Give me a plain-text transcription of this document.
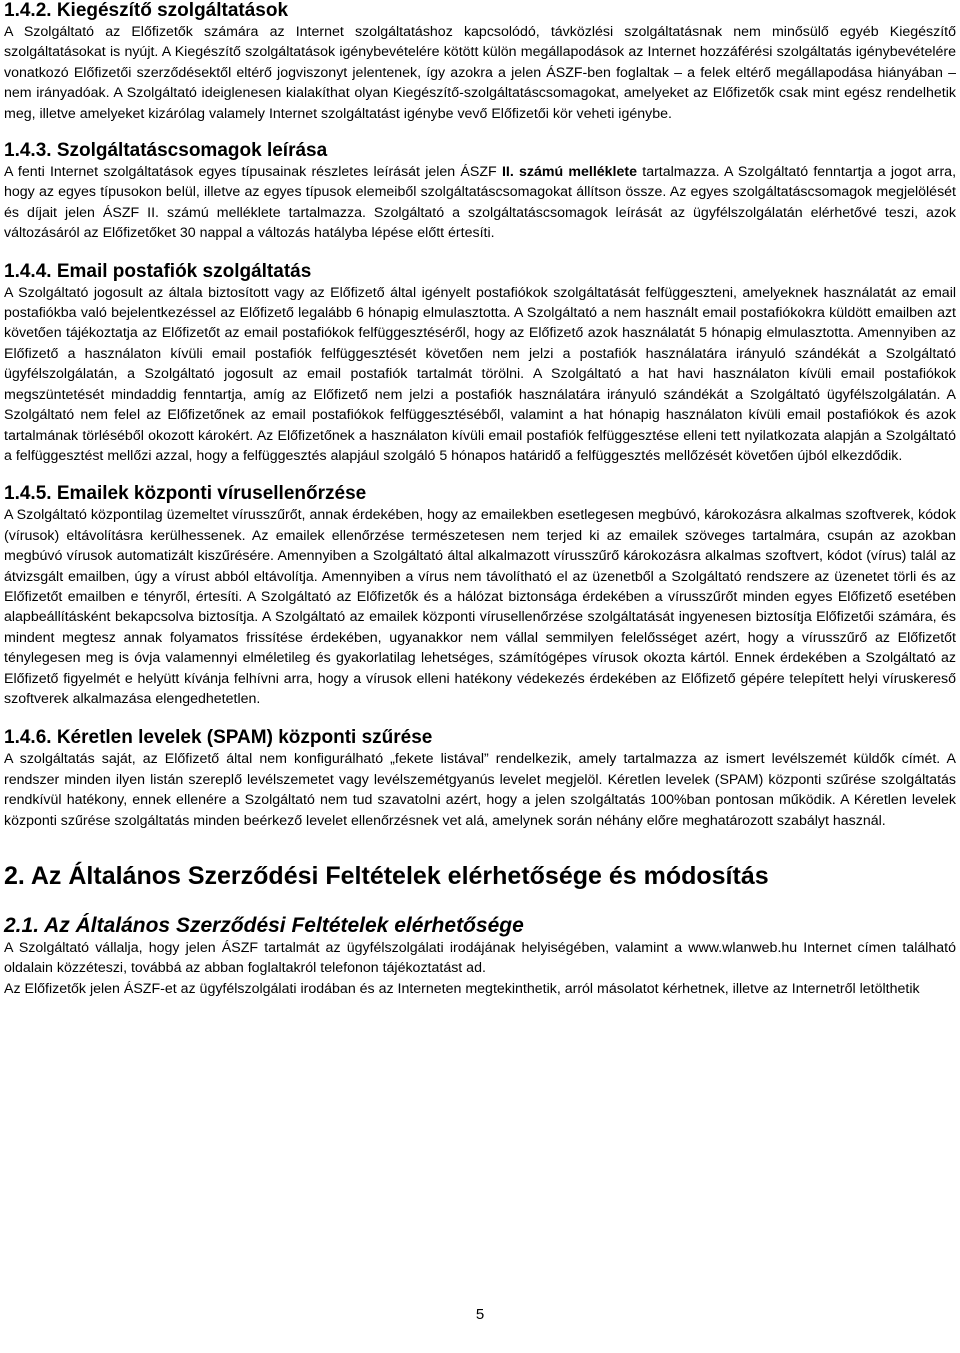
1.4.2. Kiegészítő szolgáltatások

A Szolgáltató az Előfizetők számára az Internet szolgáltatáshoz kapcsolódó, távközlési szolgáltatásnak nem minősülő egyéb Kiegészítő szolgáltatásokat is nyújt. A Kiegészítő szolgáltatások igénybevételére kötött külön megállapodások az Internet hozzáférési szolgáltatás igénybevételére vonatkozó Előfizetői szerződésektől eltérő jogviszonyt jelentenek, így azokra a jelen ÁSZF-ben foglaltak – a felek eltérő megállapodása hiányában – nem irányadóak. A Szolgáltató ideiglenesen kialakíthat olyan Kiegészítő-szolgáltatáscsomagokat, amelyeket az Előfizetők csak mint egész rendelhetik meg, illetve amelyeket kizárólag valamely Internet szolgáltatást igénybe vevő Előfizetői kör veheti igénybe.

1.4.3. Szolgáltatáscsomagok leírása

A fenti Internet szolgáltatások egyes típusainak részletes leírását jelen ÁSZF II. számú melléklete tartalmazza. A Szolgáltató fenntartja a jogot arra, hogy az egyes típusokon belül, illetve az egyes típusok elemeiből szolgáltatáscsomagokat állítson össze. Az egyes szolgáltatáscsomagok megjelölését és díjait jelen ÁSZF II. számú melléklete tartalmazza. Szolgáltató a szolgáltatáscsomagok leírását az ügyfélszolgálatán elérhetővé teszi, azok változásáról az Előfizetőket 30 nappal a változás hatályba lépése előtt értesíti.

1.4.4. Email postafiók szolgáltatás

A Szolgáltató jogosult az általa biztosított vagy az Előfizető által igényelt postafiókok szolgáltatását felfüggeszteni, amelyeknek használatát az email postafiókba való bejelentkezéssel az Előfizető legalább 6 hónapig elmulasztotta. A Szolgáltató a nem használt email postafiókokra küldött emailben azt követően tájékoztatja az Előfizetőt az email postafiókok felfüggesztéséről, hogy az Előfizető azok használatát 5 hónapig elmulasztotta. Amennyiben az Előfizető a használaton kívüli email postafiók felfüggesztését követően nem jelzi a postafiók használatára irányuló szándékát a Szolgáltató ügyfélszolgálatán, a Szolgáltató jogosult az email postafiók tartalmát törölni. A Szolgáltató a hat havi használaton kívüli email postafiókok megszüntetését mindaddig fenntartja, amíg az Előfizető nem jelzi a postafiók használatára irányuló szándékát a Szolgáltató ügyfélszolgálatán. A Szolgáltató nem felel az Előfizetőnek az email postafiókok felfüggesztéséből, valamint a hat hónapig használaton kívüli email postafiókok és azok tartalmának törléséből okozott károkért. Az Előfizetőnek a használaton kívüli email postafiók felfüggesztése elleni tett nyilatkozata alapján a Szolgáltató a felfüggesztést mellőzi azzal, hogy a felfüggesztés alapjául szolgáló 5 hónapos határidő a felfüggesztés mellőzését követően újból elkezdődik.

1.4.5. Emailek központi vírusellenőrzése

A Szolgáltató központilag üzemeltet vírusszűrőt, annak érdekében, hogy az emailekben esetlegesen megbúvó, károkozásra alkalmas szoftverek, kódok (vírusok) eltávolításra kerülhessenek. Az emailek ellenőrzése természetesen nem terjed ki az emailek szöveges tartalmára, csupán az azokban megbúvó vírusok automatizált kiszűrésére. Amennyiben a Szolgáltató által alkalmazott vírusszűrő károkozásra alkalmas szoftvert, kódot (vírus) talál az átvizsgált emailben, úgy a vírust abból eltávolítja. Amennyiben a vírus nem távolítható el az üzenetből a Szolgáltató rendszere az üzenetet törli és az Előfizetőt emailben e tényről, értesíti. A Szolgáltató az Előfizetők és a hálózat biztonsága érdekében a vírusszűrőt minden egyes Előfizető esetében alapbeállításként bekapcsolva biztosítja. A Szolgáltató az emailek központi vírusellenőrzése szolgáltatását ingyenesen biztosítja Előfizetői számára, és mindent megtesz annak folyamatos frissítése érdekében, ugyanakkor nem vállal semmilyen felelősséget azért, hogy a vírusszűrő az Előfizetőt ténylegesen meg is óvja valamennyi elméletileg és gyakorlatilag lehetséges, számítógépes vírusok okozta kártól. Ennek érdekében a Szolgáltató az Előfizető figyelmét e helyütt kívánja felhívni arra, hogy a vírusok elleni hatékony védekezés érdekében az Előfizető gépére telepített helyi víruskereső szoftverek alkalmazása elengedhetetlen.

1.4.6. Kéretlen levelek (SPAM) központi szűrése

A szolgáltatás saját, az Előfizető által nem konfigurálható „fekete listával” rendelkezik, amely tartalmazza az ismert levélszemét küldők címét. A rendszer minden ilyen listán szereplő levélszemetet vagy levélszemétgyanús levelet megjelöl. Kéretlen levelek (SPAM) központi szűrése szolgáltatás rendkívül hatékony, ennek ellenére a Szolgáltató nem tud szavatolni azért, hogy a jelen szolgáltatás 100%ban pontosan működik. A Kéretlen levelek központi szűrése szolgáltatás minden beérkező levelet ellenőrzésnek vet alá, amelynek során néhány előre meghatározott szabályt használ.

2. Az Általános Szerződési Feltételek elérhetősége és módosítás
2.1. Az Általános Szerződési Feltételek elérhetősége

A Szolgáltató vállalja, hogy jelen ÁSZF tartalmát az ügyfélszolgálati irodájának helyiségében, valamint a www.wlanweb.hu Internet címen található oldalain közzéteszi, továbbá az abban foglaltakról telefonon tájékoztatást ad.

Az Előfizetők jelen ÁSZF-et az ügyfélszolgálati irodában és az Interneten megtekinthetik, arról másolatot kérhetnek, illetve az Internetről letölthetik

5
